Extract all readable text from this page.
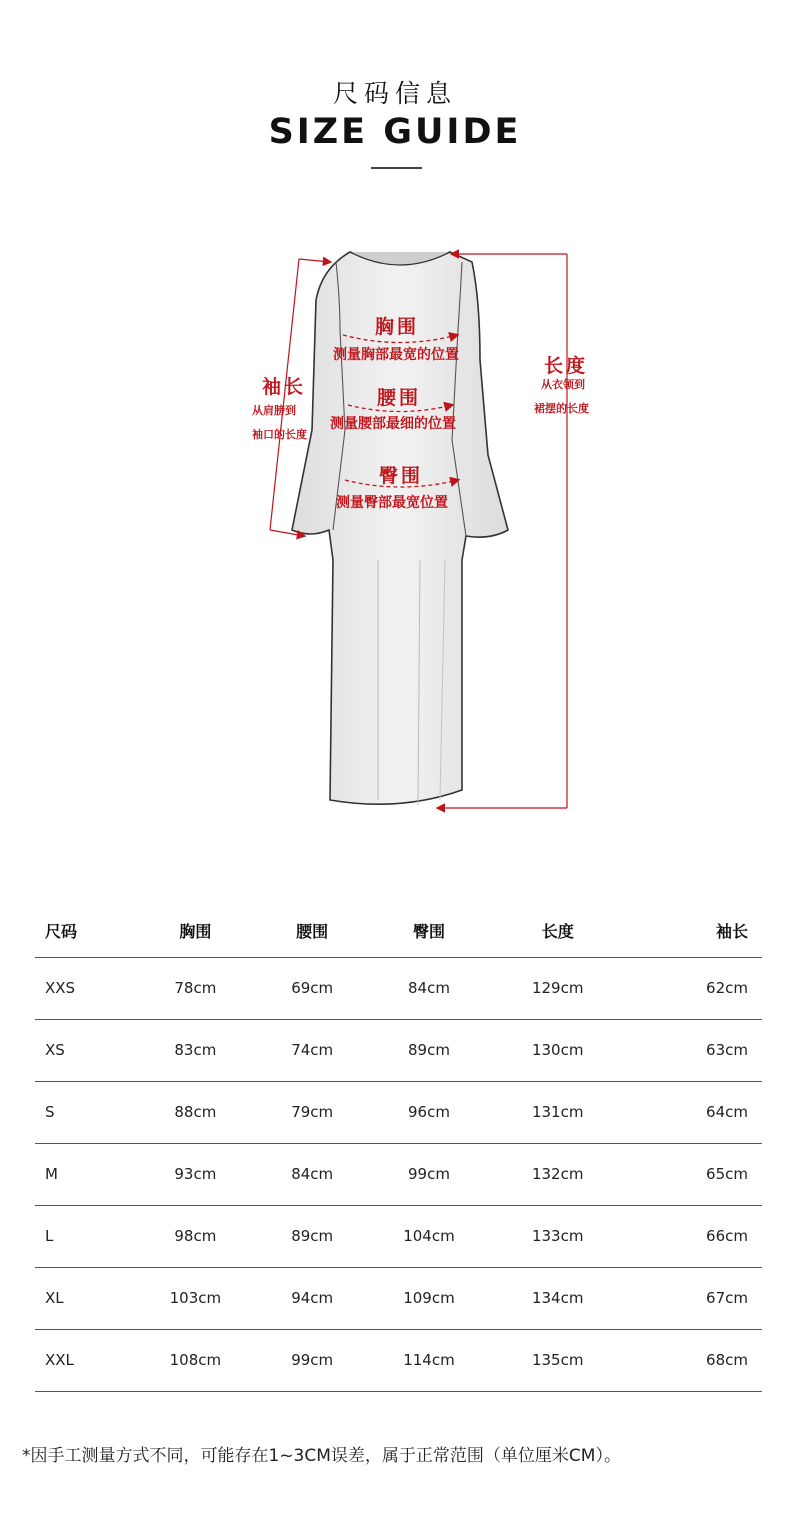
尺码信息
SIZE GUIDE
胸围
测量胸部最宽的位置
腰围
测量腰部最细的位置
臀围
测量臀部最宽位置
袖长
从肩膀到
袖口的长度
长度
从衣领到
裙摆的长度
尺码	胸围	腰围	臀围	长度	袖长
XXS	78cm	69cm	84cm	129cm	62cm
XS	83cm	74cm	89cm	130cm	63cm
S	88cm	79cm	96cm	131cm	64cm
M	93cm	84cm	99cm	132cm	65cm
L	98cm	89cm	104cm	133cm	66cm
XL	103cm	94cm	109cm	134cm	67cm
XXL	108cm	99cm	114cm	135cm	68cm
*因手工测量方式不同，可能存在1~3CM误差，属于正常范围（单位厘米CM）。
